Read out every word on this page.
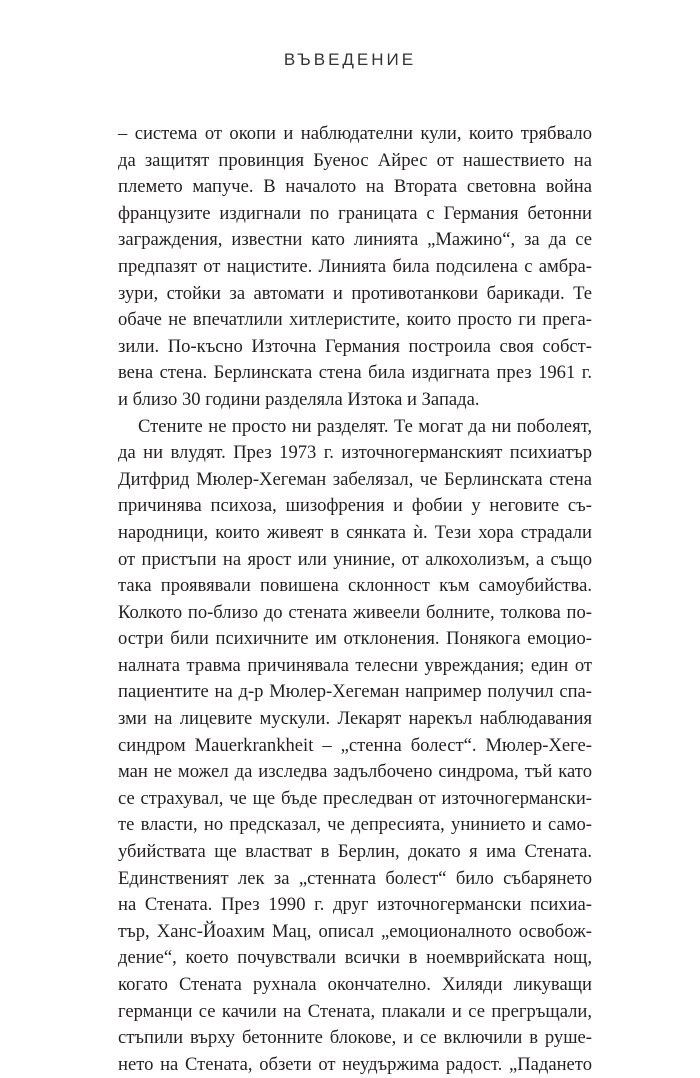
ВЪВЕДЕНИЕ
– система от окопи и наблюдателни кули, които трябвало
да защитят провинция Буенос Айрес от нашествието на
племето мапуче. В началото на Втората световна война
французите издигнали по границата с Германия бетонни
заграждения, известни като линията „Мажино“, за да се
предпазят от нацистите. Линията била подсилена с амбра-
зури, стойки за автомати и противотанкови барикади. Те
обаче не впечатлили хитлеристите, които просто ги прега-
зили. По-късно Източна Германия построила своя собст-
вена стена. Берлинската стена била издигната през 1961 г.
и близо 30 години разделяла Изтока и Запада.
Стените не просто ни разделят. Те могат да ни поболеят,
да ни влудят. През 1973 г. източногерманският психиатър
Дитфрид Мюлер-Хегеман забелязал, че Берлинската стена
причинява психоза, шизофрения и фобии у неговите съ-
народници, които живеят в сянката ѝ. Тези хора страдали
от пристъпи на ярост или униние, от алкохолизъм, а също
така проявявали повишена склонност към самоубийства.
Колкото по-близо до стената живеели болните, толкова по-
остри били психичните им отклонения. Понякога емоцио-
налната травма причинявала телесни увреждания; един от
пациентите на д-р Мюлер-Хегеман например получил спа-
зми на лицевите мускули. Лекарят нарекъл наблюдавания
синдром Mauerkrankheit – „стенна болест“. Мюлер-Хеге-
ман не можел да изследва задълбочено синдрома, тъй като
се страхувал, че ще бъде преследван от източногермански-
те власти, но предсказал, че депресията, унинието и само-
убийствата ще властват в Берлин, докато я има Стената.
Единственият лек за „стенната болест“ било събарянето
на Стената. През 1990 г. друг източногермански психиа-
тър, Ханс-Йоахим Мац, описал „емоционалното освобож-
дение“, което почувствали всички в ноемврийската нощ,
когато Стената рухнала окончателно. Хиляди ликуващи
германци се качили на Стената, плакали и се прегръщали,
стъпили върху бетонните блокове, и се включили в руше-
нето на Стената, обзети от неудържима радост. „Падането
